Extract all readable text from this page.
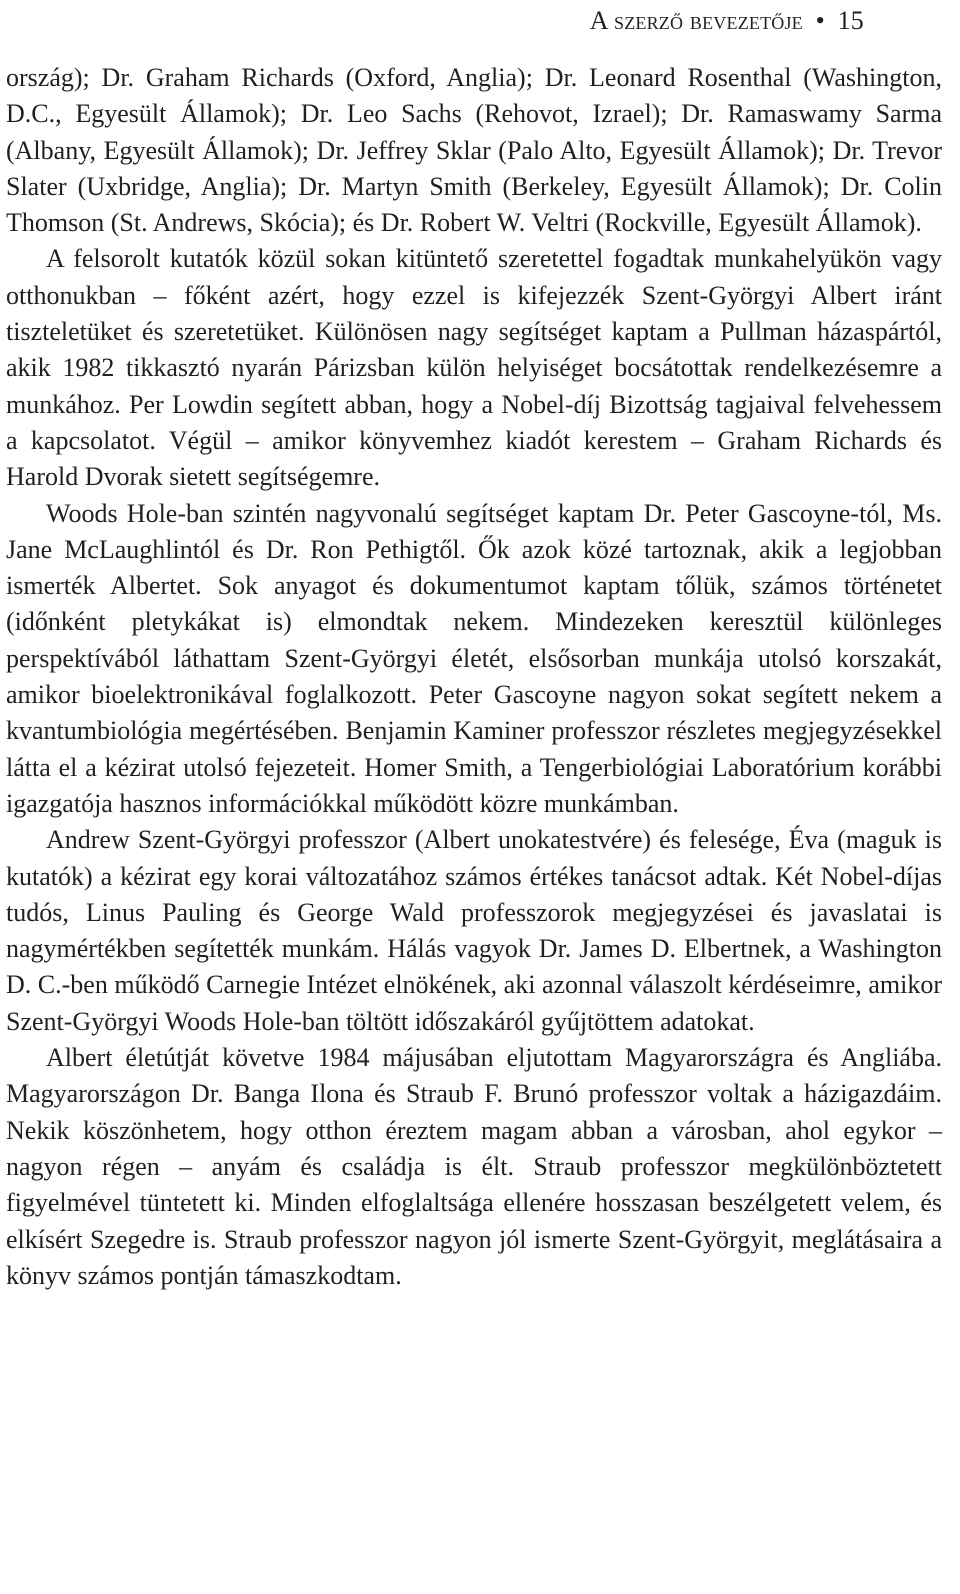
A szerző bevezetője • 15

ország); Dr. Graham Richards (Oxford, Anglia); Dr. Leonard Rosenthal (Washington, D.C., Egyesült Államok); Dr. Leo Sachs (Rehovot, Izrael); Dr. Ramaswamy Sarma (Albany, Egyesült Államok); Dr. Jeffrey Sklar (Palo Alto, Egyesült Államok); Dr. Trevor Slater (Uxbridge, Anglia); Dr. Martyn Smith (Berkeley, Egyesült Államok); Dr. Colin Thomson (St. Andrews, Skócia); és Dr. Robert W. Veltri (Rockville, Egyesült Államok).

A felsorolt kutatók közül sokan kitüntető szeretettel fogadtak munkahelyükön vagy otthonukban – főként azért, hogy ezzel is kifejezzék Szent-Györgyi Albert iránt tiszteletüket és szeretetüket. Különösen nagy segítséget kaptam a Pullman házaspártól, akik 1982 tikkasztó nyarán Párizsban külön helyiséget bocsátottak rendelkezésemre a munkához. Per Lowdin segített abban, hogy a Nobel-díj Bizottság tagjaival felvehessem a kapcsolatot. Végül – amikor könyvemhez kiadót kerestem – Graham Richards és Harold Dvorak sietett segítségemre.

Woods Hole-ban szintén nagyvonalú segítséget kaptam Dr. Peter Gascoyne-tól, Ms. Jane McLaughlintól és Dr. Ron Pethigtől. Ők azok közé tartoznak, akik a legjobban ismerték Albertet. Sok anyagot és dokumentumot kaptam tőlük, számos történetet (időnként pletykákat is) elmondtak nekem. Mindezeken keresztül különleges perspektívából láthattam Szent-Györgyi életét, elsősorban munkája utolsó korszakát, amikor bioelektronikával foglalkozott. Peter Gascoyne nagyon sokat segített nekem a kvantumbiológia megértésében. Benjamin Kaminer professzor részletes megjegyzésekkel látta el a kézirat utolsó fejezeteit. Homer Smith, a Tengerbiológiai Laboratórium korábbi igazgatója hasznos információkkal működött közre munkámban.

Andrew Szent-Györgyi professzor (Albert unokatestvére) és felesége, Éva (maguk is kutatók) a kézirat egy korai változatához számos értékes tanácsot adtak. Két Nobel-díjas tudós, Linus Pauling és George Wald professzorok megjegyzései és javaslatai is nagymértékben segítették munkám. Hálás vagyok Dr. James D. Elbertnek, a Washington D. C.-ben működő Carnegie Intézet elnökének, aki azonnal válaszolt kérdéseimre, amikor Szent-Györgyi Woods Hole-ban töltött időszakáról gyűjtöttem adatokat.

Albert életútját követve 1984 májusában eljutottam Magyarországra és Angliába. Magyarországon Dr. Banga Ilona és Straub F. Brunó professzor voltak a házigazdáim. Nekik köszönhetem, hogy otthon éreztem magam abban a városban, ahol egykor – nagyon régen – anyám és családja is élt. Straub professzor megkülönböztetett figyelmével tüntetett ki. Minden elfoglaltsága ellenére hosszasan beszélgetett velem, és elkísért Szegedre is. Straub professzor nagyon jól ismerte Szent-Györgyit, meglátásaira a könyv számos pontján támaszkodtam.
